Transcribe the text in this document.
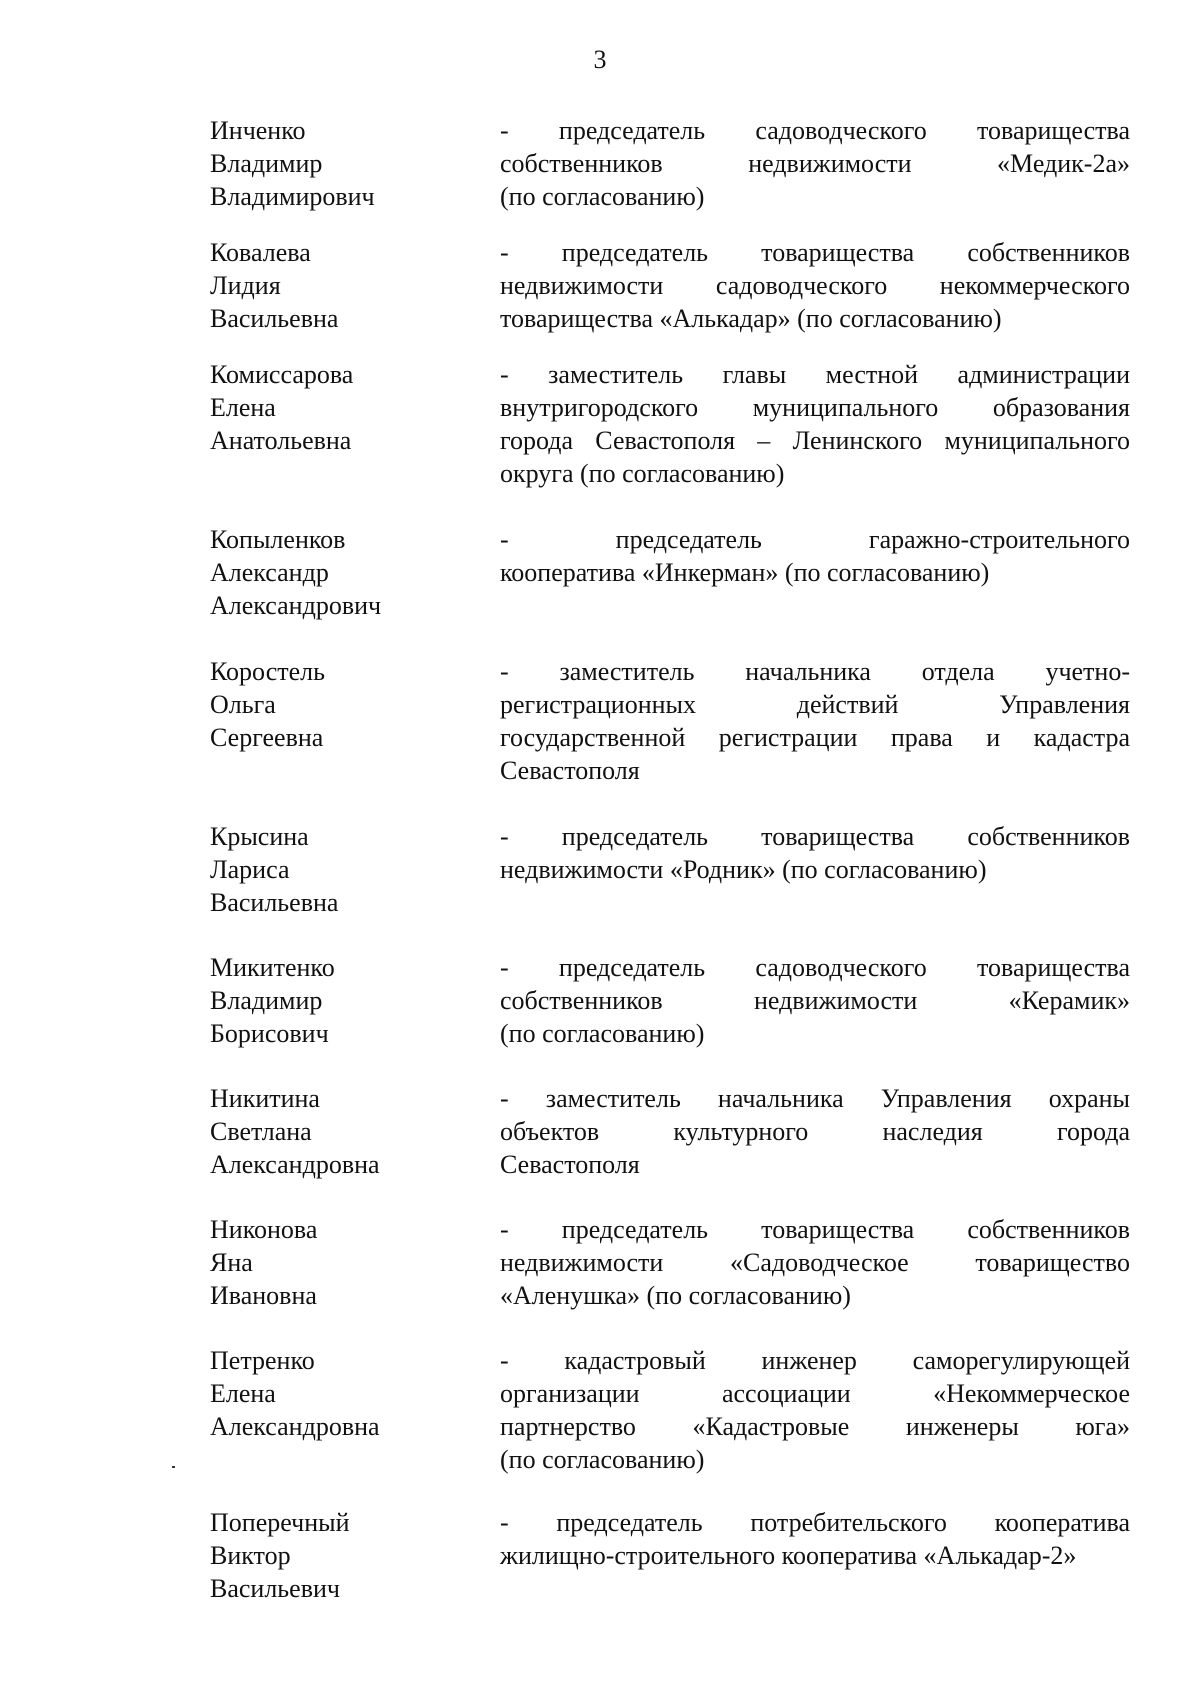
3
Инченко
Владимир
Владимирович
- председатель садоводческого товарищества
собственников недвижимости «Медик-2а»
(по согласованию)
Ковалева
Лидия
Васильевна
- председатель товарищества собственников
недвижимости садоводческого некоммерческого
товарищества «Алькадар» (по согласованию)
Комиссарова
Елена
Анатольевна
- заместитель главы местной администрации
внутригородского муниципального образования
города Севастополя – Ленинского муниципального
округа (по согласованию)
Копыленков
Александр
Александрович
- председатель гаражно-строительного
кооператива «Инкерман» (по согласованию)
Коростель
Ольга
Сергеевна
- заместитель начальника отдела учетно-
регистрационных действий Управления
государственной регистрации права и кадастра
Севастополя
Крысина
Лариса
Васильевна
- председатель товарищества собственников
недвижимости «Родник» (по согласованию)
Микитенко
Владимир
Борисович
- председатель садоводческого товарищества
собственников недвижимости «Керамик»
(по согласованию)
Никитина
Светлана
Александровна
- заместитель начальника Управления охраны
объектов культурного наследия города
Севастополя
Никонова
Яна
Ивановна
- председатель товарищества собственников
недвижимости «Садоводческое товарищество
«Аленушка» (по согласованию)
Петренко
Елена
Александровна
- кадастровый инженер саморегулирующей
организации ассоциации «Некоммерческое
партнерство «Кадастровые инженеры юга»
(по согласованию)
Поперечный
Виктор
Васильевич
- председатель потребительского кооператива
жилищно-строительного кооператива «Алькадар-2»
